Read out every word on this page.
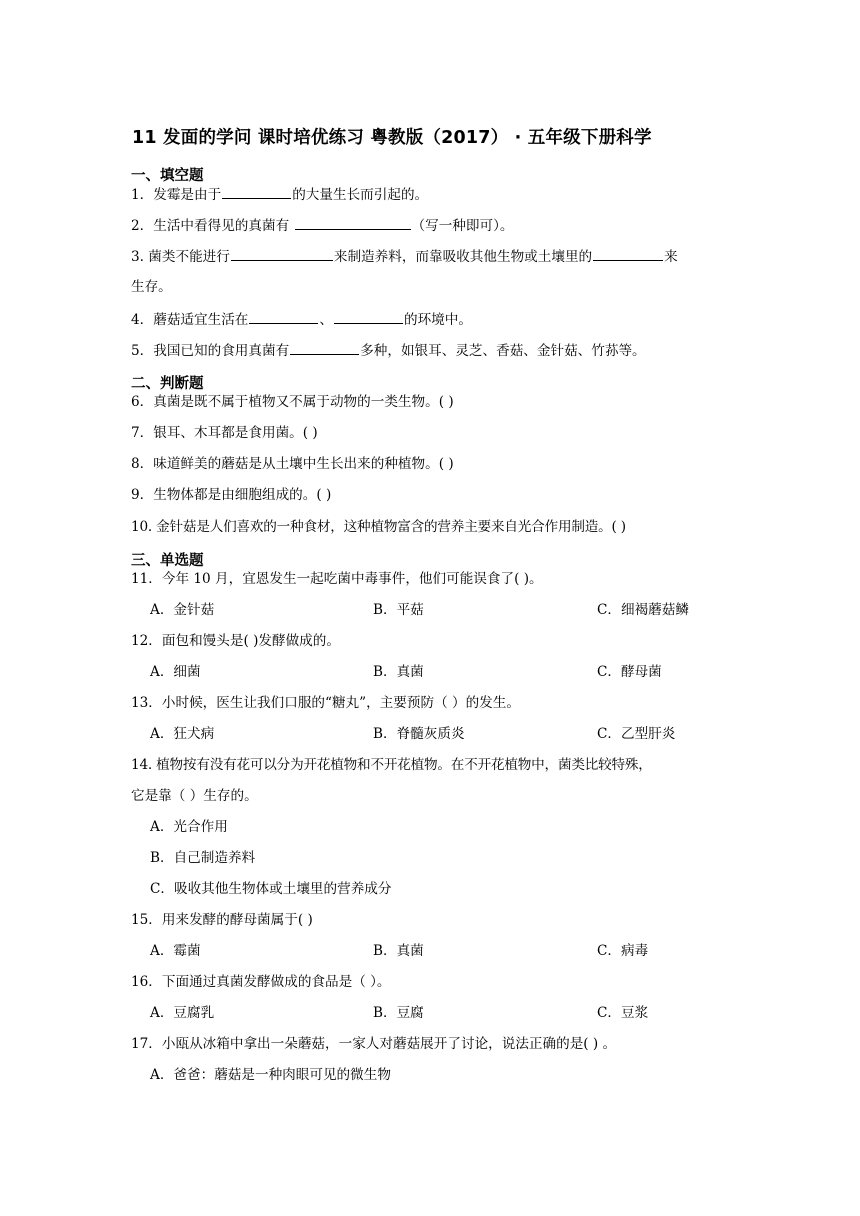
11 发面的学问 课时培优练习 粤教版（2017） · 五年级下册科学
一、填空题
1．发霉是由于	的大量生长而引起的。
2．生活中看得见的真菌有	（写一种即可）。
3. 菌类不能进行	来制造养料，而靠吸收其他生物或土壤里的	来
生存。
4．蘑菇适宜生活在	、	的环境中。
5．我国已知的食用真菌有	多种，如银耳、灵芝、香菇、金针菇、竹荪等。
二、判断题
6．真菌是既不属于植物又不属于动物的一类生物。( )
7．银耳、木耳都是食用菌。( )
8．味道鲜美的蘑菇是从土壤中生长出来的种植物。( )
9．生物体都是由细胞组成的。( )
10. 金针菇是人们喜欢的一种食材，这种植物富含的营养主要来自光合作用制造。( )
三、单选题
11．今年 10 月，宜恩发生一起吃菌中毒事件，他们可能误食了( )。
A．金针菇	B．平菇	C．细褐蘑菇鳞
12．面包和馒头是( )发酵做成的。
A．细菌	B．真菌	C．酵母菌
13．小时候，医生让我们口服的“糖丸”，主要预防（ ）的发生。
A．狂犬病	B．脊髓灰质炎	C．乙型肝炎
14. 植物按有没有花可以分为开花植物和不开花植物。在不开花植物中，菌类比较特殊，
它是靠（ ）生存的。
A．光合作用
B．自己制造养料
C．吸收其他生物体或土壤里的营养成分
15．用来发酵的酵母菌属于( )
A．霉菌	B．真菌	C．病毒
16．下面通过真菌发酵做成的食品是（ ）。
A．豆腐乳	B．豆腐	C．豆浆
17．小瓯从冰箱中拿出一朵蘑菇，一家人对蘑菇展开了讨论，说法正确的是( ) 。
A．爸爸：蘑菇是一种肉眼可见的微生物
